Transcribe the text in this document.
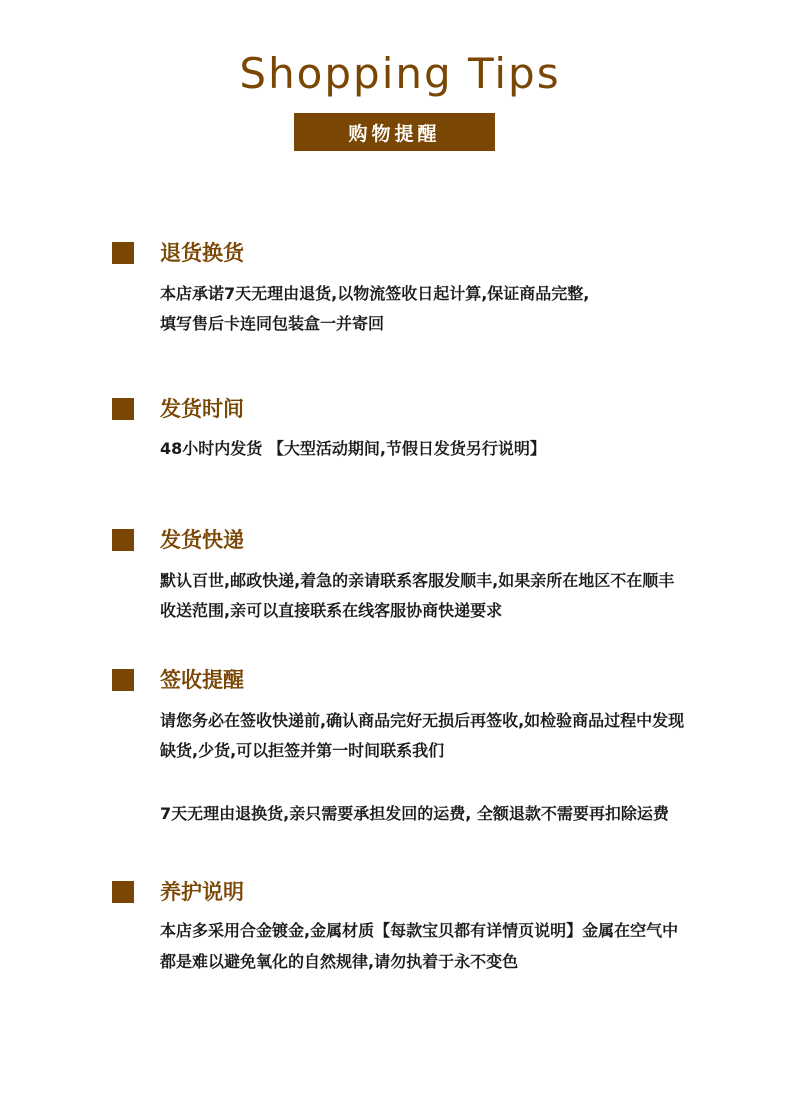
Shopping Tips
购物提醒
退货换货
本店承诺7天无理由退货,以物流签收日起计算,保证商品完整,
填写售后卡连同包装盒一并寄回
发货时间
48小时内发货 【大型活动期间,节假日发货另行说明】
发货快递
默认百世,邮政快递,着急的亲请联系客服发顺丰,如果亲所在地区不在顺丰
收送范围,亲可以直接联系在线客服协商快递要求
签收提醒
请您务必在签收快递前,确认商品完好无损后再签收,如检验商品过程中发现
缺货,少货,可以拒签并第一时间联系我们
7天无理由退换货,亲只需要承担发回的运费, 全额退款不需要再扣除运费
养护说明
本店多采用合金镀金,金属材质【每款宝贝都有详情页说明】金属在空气中
都是难以避免氧化的自然规律,请勿执着于永不变色
